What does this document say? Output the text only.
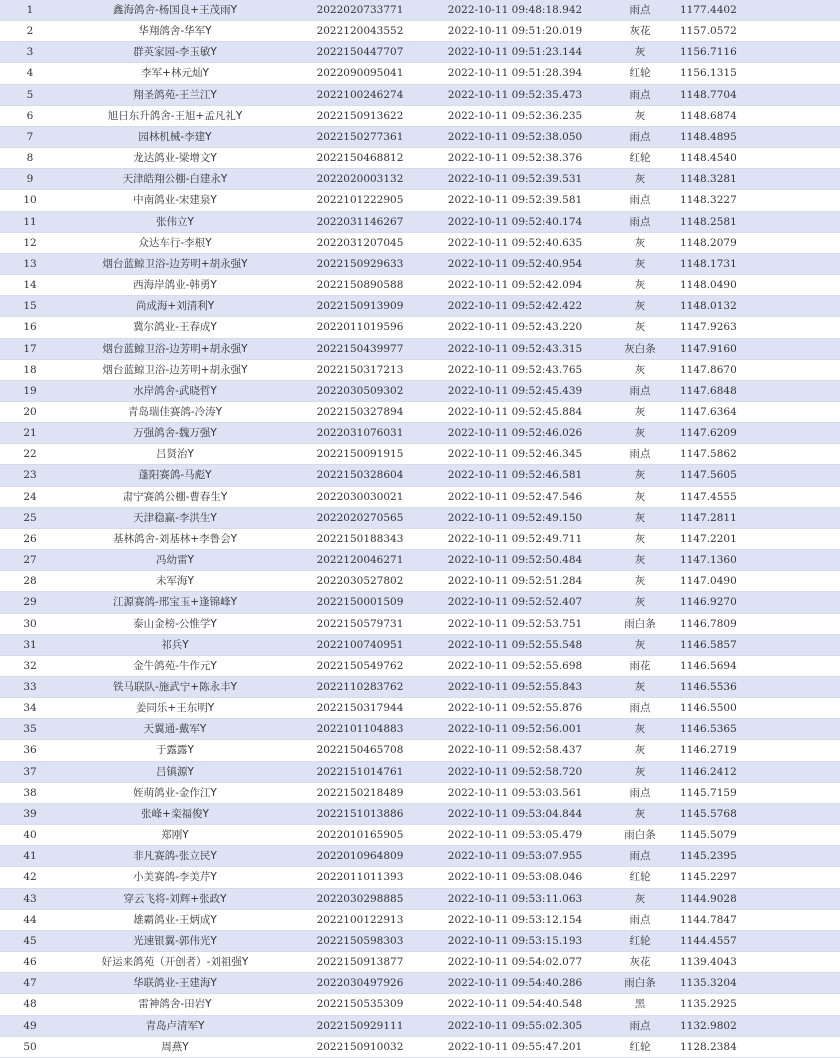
1	鑫海鸽舍-杨国良+王茂雨Y	2022020733771	2022-10-11 09:48:18.942	雨点	1177.4402
2	华翔鸽舍-华军Y	2022120043552	2022-10-11 09:51:20.019	灰花	1157.0572
3	群英家园-李玉敏Y	2022150447707	2022-10-11 09:51:23.144	灰	1156.7116
4	李军+林元灿Y	2022090095041	2022-10-11 09:51:28.394	红轮	1156.1315
5	翔圣鸽苑-王兰江Y	2022100246274	2022-10-11 09:52:35.473	雨点	1148.7704
6	旭日东升鸽舍-王旭+孟凡礼Y	2022150913622	2022-10-11 09:52:36.235	灰	1148.6874
7	园林机械-李建Y	2022150277361	2022-10-11 09:52:38.050	雨点	1148.4895
8	龙达鸽业-梁增文Y	2022150468812	2022-10-11 09:52:38.376	红轮	1148.4540
9	天津皓翔公棚-白建永Y	2022020003132	2022-10-11 09:52:39.531	灰	1148.3281
10	中南鸽业-宋建泉Y	2022101222905	2022-10-11 09:52:39.581	雨点	1148.3227
11	张伟立Y	2022031146267	2022-10-11 09:52:40.174	雨点	1148.2581
12	众达车行-李根Y	2022031207045	2022-10-11 09:52:40.635	灰	1148.2079
13	烟台蓝鲸卫浴-边芳明+胡永强Y	2022150929633	2022-10-11 09:52:40.954	灰	1148.1731
14	西海岸鸽业-韩勇Y	2022150890588	2022-10-11 09:52:42.094	灰	1148.0490
15	尚成海+刘清利Y	2022150913909	2022-10-11 09:52:42.422	灰	1148.0132
16	冀尔鸽业-王春成Y	2022011019596	2022-10-11 09:52:43.220	灰	1147.9263
17	烟台蓝鲸卫浴-边芳明+胡永强Y	2022150439977	2022-10-11 09:52:43.315	灰白条	1147.9160
18	烟台蓝鲸卫浴-边芳明+胡永强Y	2022150317213	2022-10-11 09:52:43.765	灰	1147.8670
19	水岸鸽舍-武晓哲Y	2022030509302	2022-10-11 09:52:45.439	雨点	1147.6848
20	青岛瑞佳赛鸽-冷涛Y	2022150327894	2022-10-11 09:52:45.884	灰	1147.6364
21	万强鸽舍-魏万强Y	2022031076031	2022-10-11 09:52:46.026	灰	1147.6209
22	吕贤治Y	2022150091915	2022-10-11 09:52:46.345	雨点	1147.5862
23	蓬阳赛鸽-马彪Y	2022150328604	2022-10-11 09:52:46.581	灰	1147.5605
24	肃宁赛鸽公棚-曹春生Y	2022030030021	2022-10-11 09:52:47.546	灰	1147.4555
25	天津稳赢-李洪生Y	2022020270565	2022-10-11 09:52:49.150	灰	1147.2811
26	基林鸽舍-刘基林+李鲁会Y	2022150188343	2022-10-11 09:52:49.711	灰	1147.2201
27	冯幼雷Y	2022120046271	2022-10-11 09:52:50.484	灰	1147.1360
28	未军海Y	2022030527802	2022-10-11 09:52:51.284	灰	1147.0490
29	江源赛鸽-邢宝玉+逢锦峰Y	2022150001509	2022-10-11 09:52:52.407	灰	1146.9270
30	泰山金榜-公惟学Y	2022150579731	2022-10-11 09:52:53.751	雨白条	1146.7809
31	祁兵Y	2022100740951	2022-10-11 09:52:55.548	灰	1146.5857
32	金牛鸽苑-牛作元Y	2022150549762	2022-10-11 09:52:55.698	雨花	1146.5694
33	铁马联队-施武宁+陈永丰Y	2022110283762	2022-10-11 09:52:55.843	灰	1146.5536
34	姜同乐+王东明Y	2022150317944	2022-10-11 09:52:55.876	雨点	1146.5500
35	天翼通-戴军Y	2022101104883	2022-10-11 09:52:56.001	灰	1146.5365
36	于露露Y	2022150465708	2022-10-11 09:52:58.437	灰	1146.2719
37	吕镇源Y	2022151014761	2022-10-11 09:52:58.720	灰	1146.2412
38	姪萌鸽业-金作江Y	2022150218489	2022-10-11 09:53:03.561	雨点	1145.7159
39	张峰+栾福俊Y	2022151013886	2022-10-11 09:53:04.844	灰	1145.5768
40	郑刚Y	2022010165905	2022-10-11 09:53:05.479	雨白条	1145.5079
41	非凡赛鸽-张立民Y	2022010964809	2022-10-11 09:53:07.955	雨点	1145.2395
42	小美赛鸽-李美芹Y	2022011011393	2022-10-11 09:53:08.046	红轮	1145.2297
43	穿云飞将-刘辉+张政Y	2022030298885	2022-10-11 09:53:11.063	灰	1144.9028
44	雄霸鸽业-王炳成Y	2022100122913	2022-10-11 09:53:12.154	雨点	1144.7847
45	光速银翼-郭伟光Y	2022150598303	2022-10-11 09:53:15.193	红轮	1144.4557
46	好运来鸽苑（开创者）-刘祖强Y	2022150913877	2022-10-11 09:54:02.077	灰花	1139.4043
47	华联鸽业-王建海Y	2022030497926	2022-10-11 09:54:40.286	雨白条	1135.3204
48	雷神鸽舍-田岩Y	2022150535309	2022-10-11 09:54:40.548	黑	1135.2925
49	青岛卢清军Y	2022150929111	2022-10-11 09:55:02.305	雨点	1132.9802
50	周燕Y	2022150910032	2022-10-11 09:55:47.201	红轮	1128.2384
